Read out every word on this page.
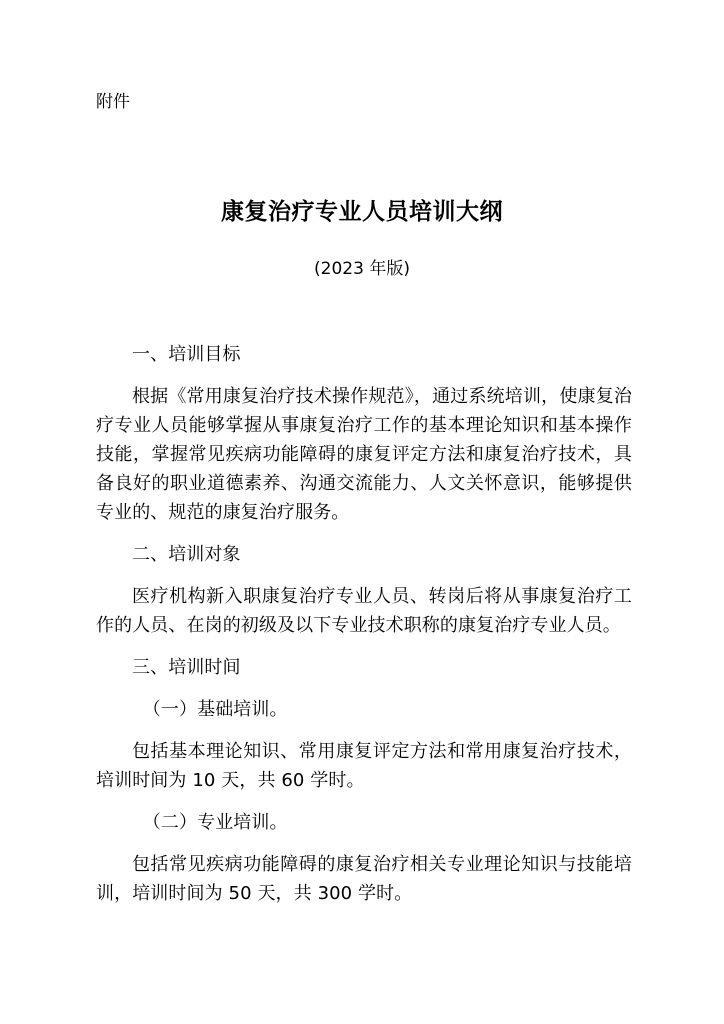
附件
康复治疗专业人员培训大纲
(2023 年版)

一、培训目标

根据《常用康复治疗技术操作规范》，通过系统培训，使康复治疗专业人员能够掌握从事康复治疗工作的基本理论知识和基本操作技能，掌握常见疾病功能障碍的康复评定方法和康复治疗技术，具备良好的职业道德素养、沟通交流能力、人文关怀意识，能够提供专业的、规范的康复治疗服务。

二、培训对象

医疗机构新入职康复治疗专业人员、转岗后将从事康复治疗工作的人员、在岗的初级及以下专业技术职称的康复治疗专业人员。

三、培训时间

（一）基础培训。

包括基本理论知识、常用康复评定方法和常用康复治疗技术，培训时间为 10 天，共 60 学时。

（二）专业培训。

包括常见疾病功能障碍的康复治疗相关专业理论知识与技能培训，培训时间为 50 天，共 300 学时。
